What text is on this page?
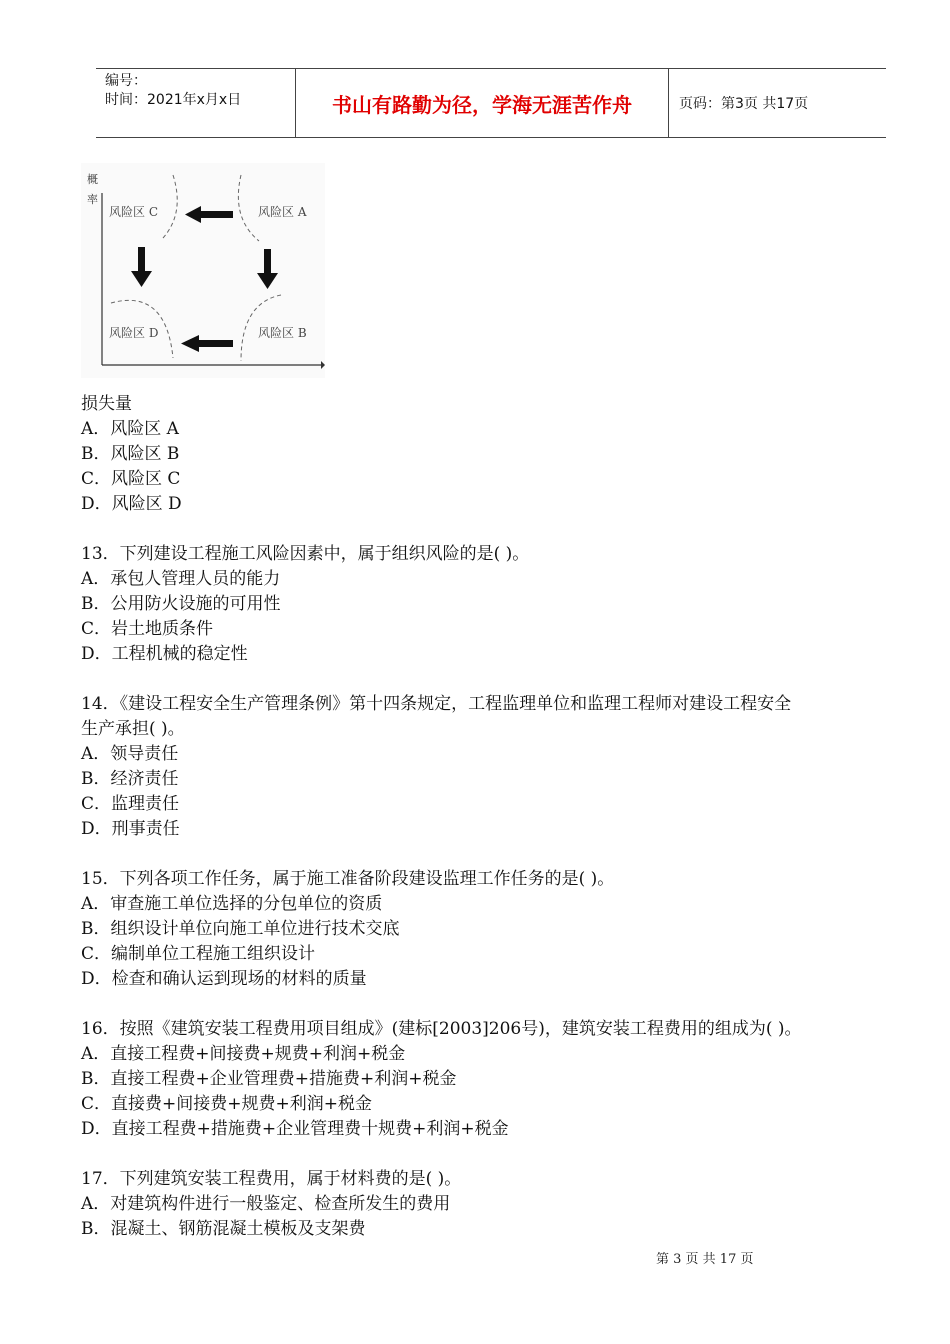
编号：
时间：2021年x月x日	书山有路勤为径，学海无涯苦作舟	页码：第3页 共17页
概
率
风险区 C	风险区 A
风险区 D	风险区 B

损失量

A．风险区 A

B．风险区 B

C．风险区 C

D．风险区 D

13．下列建设工程施工风险因素中，属于组织风险的是( )。

A．承包人管理人员的能力

B．公用防火设施的可用性

C．岩土地质条件

D．工程机械的稳定性

14．《建设工程安全生产管理条例》第十四条规定，工程监理单位和监理工程师对建设工程安全

生产承担( )。

A．领导责任

B．经济责任

C．监理责任

D．刑事责任

15．下列各项工作任务，属于施工准备阶段建设监理工作任务的是( )。

A．审查施工单位选择的分包单位的资质

B．组织设计单位向施工单位进行技术交底

C．编制单位工程施工组织设计

D．检查和确认运到现场的材料的质量

16．按照《建筑安装工程费用项目组成》(建标[2003]206号)，建筑安装工程费用的组成为( )。

A．直接工程费+间接费+规费+利润+税金

B．直接工程费+企业管理费+措施费+利润+税金

C．直接费+间接费+规费+利润+税金

D．直接工程费+措施费+企业管理费十规费+利润+税金

17．下列建筑安装工程费用，属于材料费的是( )。

A．对建筑构件进行一般鉴定、检查所发生的费用

B．混凝土、钢筋混凝土模板及支架费

第 3 页 共 17 页
